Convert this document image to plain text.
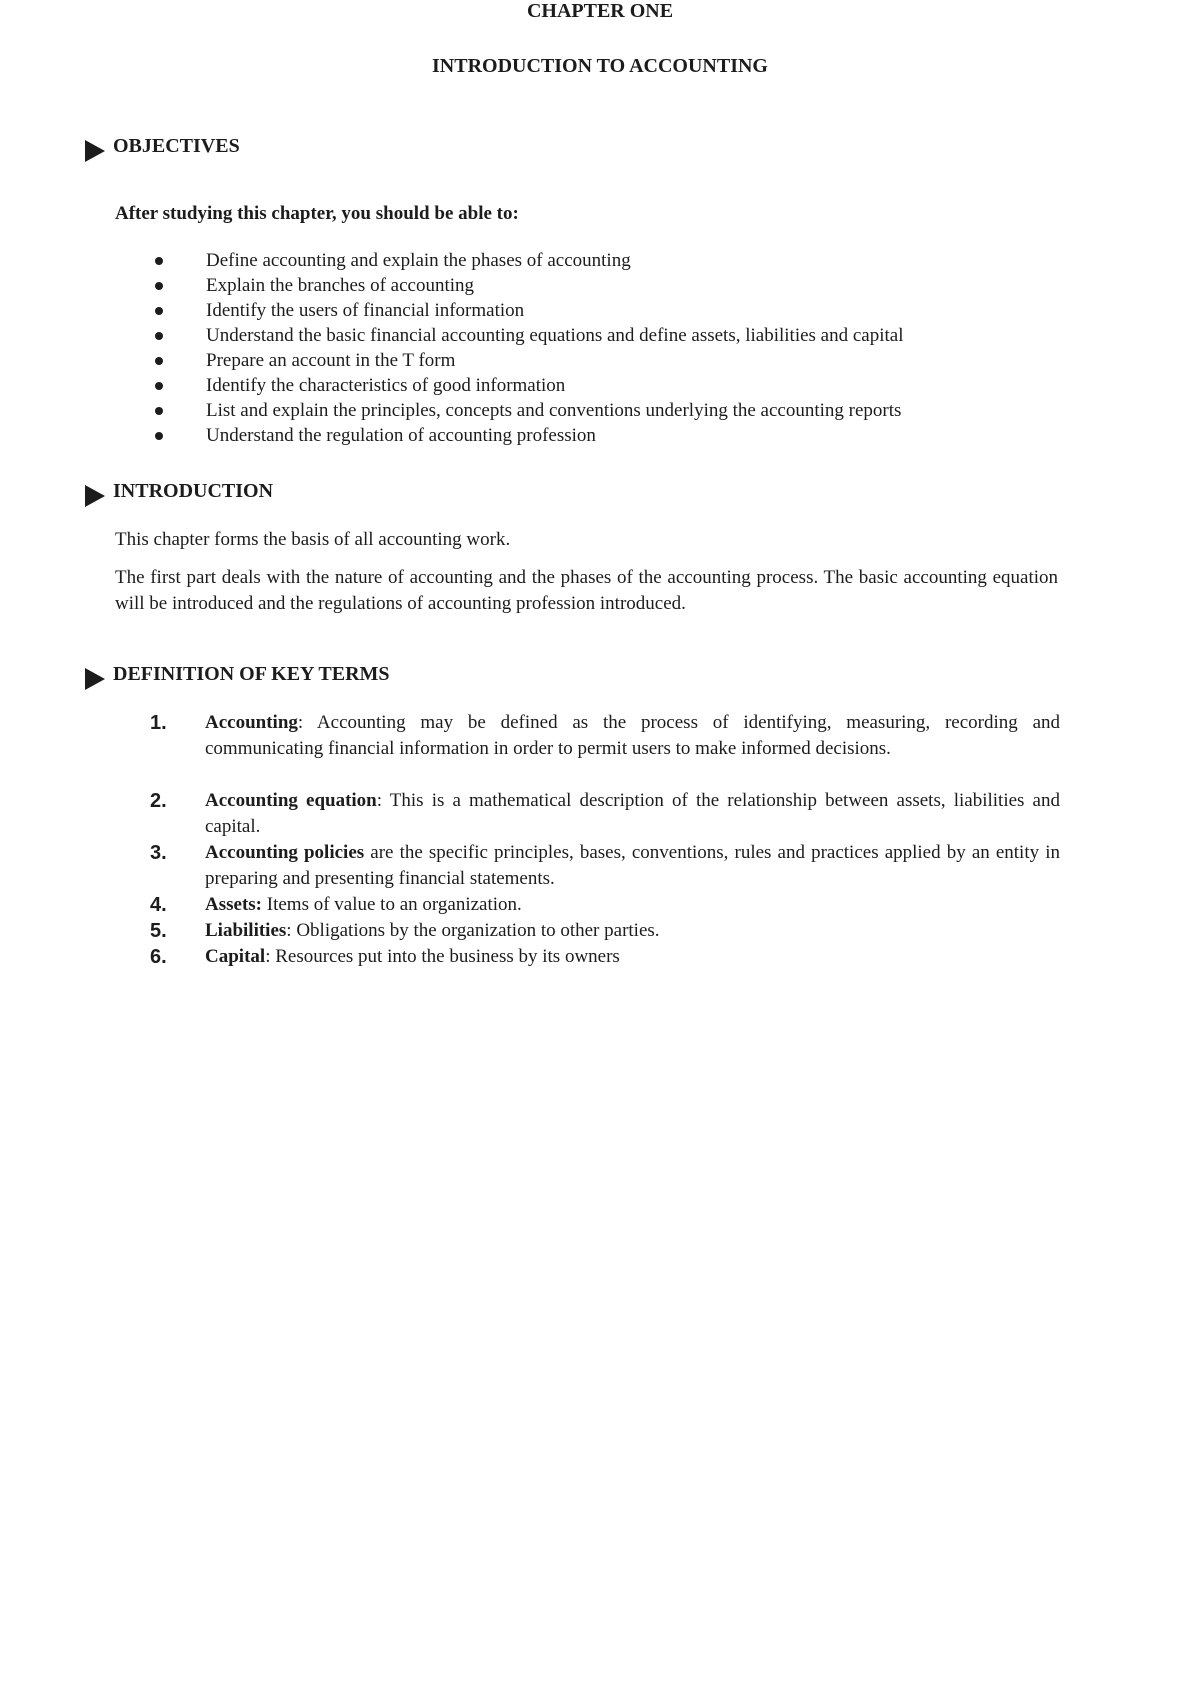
CHAPTER ONE
INTRODUCTION TO ACCOUNTING
OBJECTIVES
After studying this chapter, you should be able to:
Define accounting and explain the phases of accounting
Explain the branches of accounting
Identify the users of financial information
Understand the basic financial accounting equations and define assets, liabilities and capital
Prepare an account in the T form
Identify the characteristics of good information
List and explain the principles, concepts and conventions underlying the accounting reports
Understand the regulation of accounting profession
INTRODUCTION

This chapter forms the basis of all accounting work.

The first part deals with the nature of accounting and the phases of the accounting process. The basic accounting equation will be introduced and the regulations of accounting profession introduced.

DEFINITION OF KEY TERMS
1.	Accounting: Accounting may be defined as the process of identifying, measuring, recording and communicating financial information in order to permit users to make informed decisions.
2.	Accounting equation: This is a mathematical description of the relationship between assets, liabilities and capital.
3.	Accounting policies are the specific principles, bases, conventions, rules and practices applied by an entity in preparing and presenting financial statements.
4.	Assets: Items of value to an organization.
5.	Liabilities: Obligations by the organization to other parties.
6.	Capital: Resources put into the business by its owners
